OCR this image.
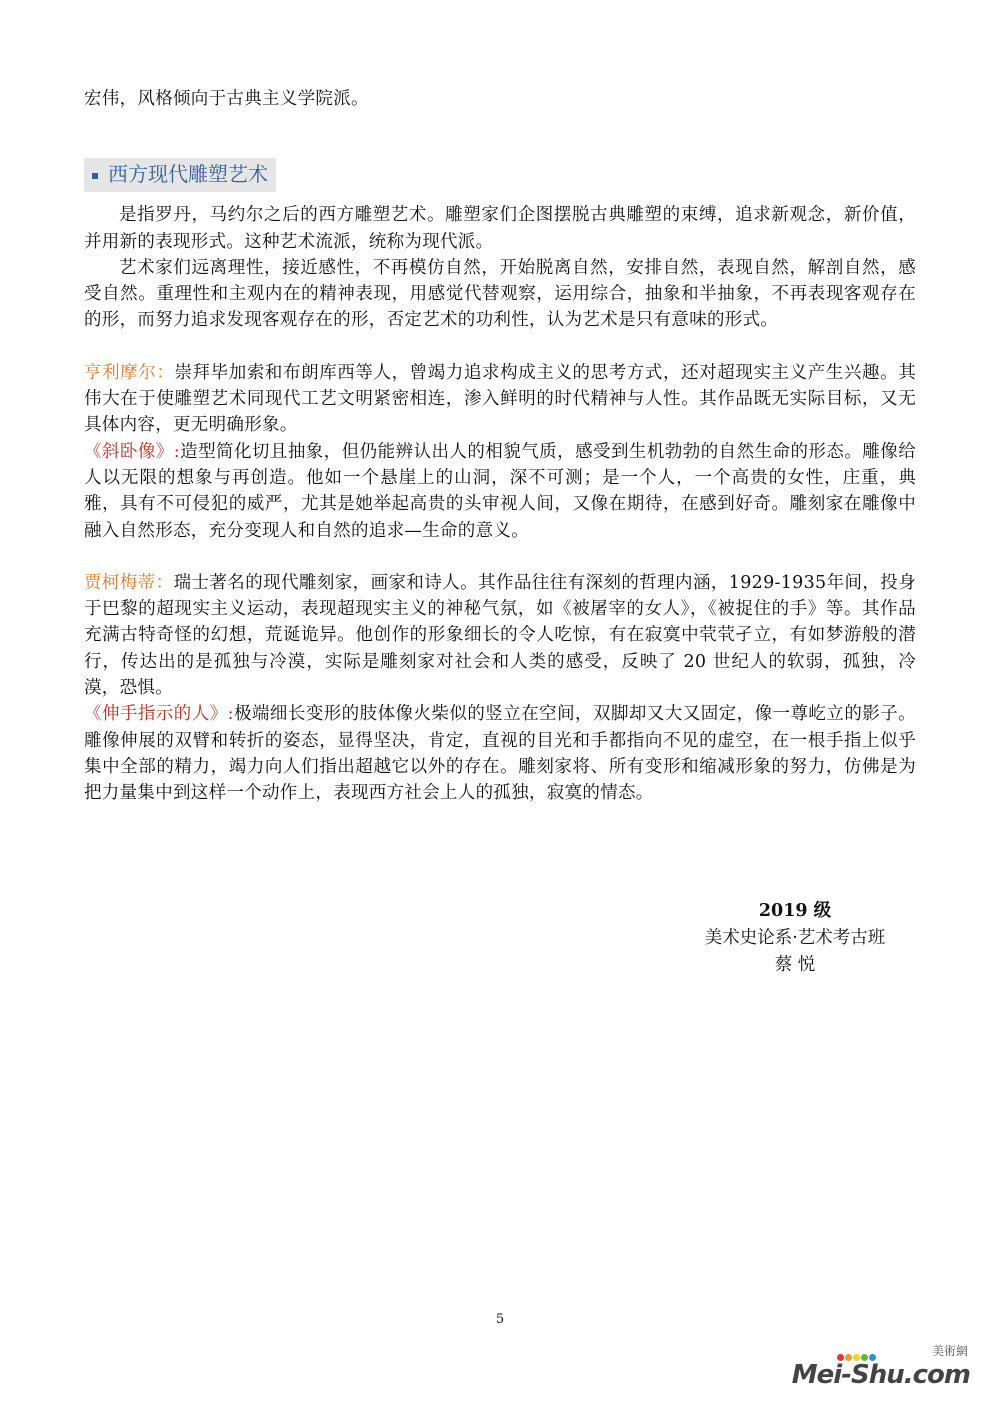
宏伟，风格倾向于古典主义学院派。

西方现代雕塑艺术

是指罗丹，马约尔之后的西方雕塑艺术。雕塑家们企图摆脱古典雕塑的束缚，追求新观念，新价值，并用新的表现形式。这种艺术流派，统称为现代派。

艺术家们远离理性，接近感性，不再模仿自然，开始脱离自然，安排自然，表现自然，解剖自然，感受自然。重理性和主观内在的精神表现，用感觉代替观察，运用综合，抽象和半抽象，不再表现客观存在的形，而努力追求发现客观存在的形，否定艺术的功利性，认为艺术是只有意味的形式。

亨利摩尔：崇拜毕加索和布朗库西等人，曾竭力追求构成主义的思考方式，还对超现实主义产生兴趣。其伟大在于使雕塑艺术同现代工艺文明紧密相连，渗入鲜明的时代精神与人性。其作品既无实际目标，又无具体内容，更无明确形象。

《斜卧像》:造型简化切且抽象，但仍能辨认出人的相貌气质，感受到生机勃勃的自然生命的形态。雕像给人以无限的想象与再创造。他如一个悬崖上的山洞，深不可测；是一个人，一个高贵的女性，庄重，典雅，具有不可侵犯的威严，尤其是她举起高贵的头审视人间，又像在期待，在感到好奇。雕刻家在雕像中融入自然形态，充分变现人和自然的追求—生命的意义。

贾柯梅蒂：瑞士著名的现代雕刻家，画家和诗人。其作品往往有深刻的哲理内涵，1929-1935年间，投身于巴黎的超现实主义运动，表现超现实主义的神秘气氛，如《被屠宰的女人》，《被捉住的手》等。其作品充满古特奇怪的幻想，荒诞诡异。他创作的形象细长的令人吃惊，有在寂寞中茕茕孑立，有如梦游般的潜行，传达出的是孤独与冷漠，实际是雕刻家对社会和人类的感受，反映了 20 世纪人的软弱，孤独，冷漠，恐惧。

《伸手指示的人》:极端细长变形的肢体像火柴似的竖立在空间，双脚却又大又固定，像一尊屹立的影子。雕像伸展的双臂和转折的姿态，显得坚决，肯定，直视的目光和手都指向不见的虚空，在一根手指上似乎集中全部的精力，竭力向人们指出超越它以外的存在。雕刻家将、所有变形和缩减形象的努力，仿佛是为把力量集中到这样一个动作上，表现西方社会上人的孤独，寂寞的情态。

2019 级
美术史论系·艺术考古班
蔡 悦
5
美術網
Mei-Shu.com
